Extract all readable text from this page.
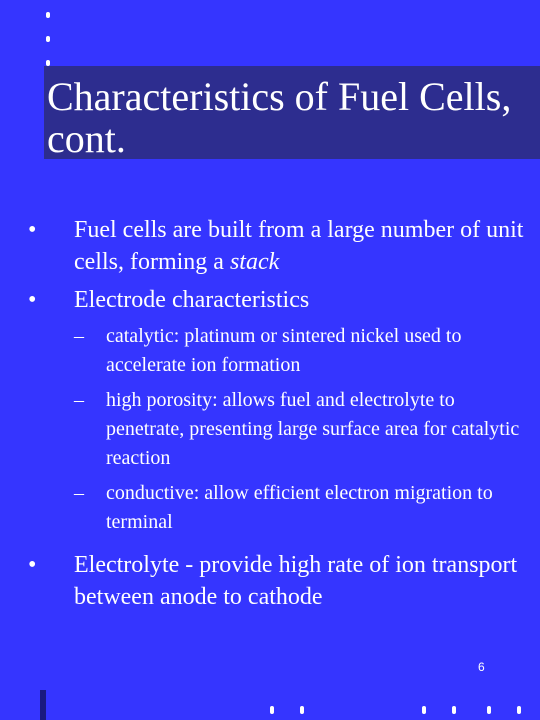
Characteristics of Fuel Cells, cont.
• Fuel cells are built from a large number of unit cells, forming a stack
• Electrode characteristics
– catalytic: platinum or sintered nickel used to accelerate ion formation
– high porosity: allows fuel and electrolyte to penetrate, presenting large surface area for catalytic reaction
– conductive: allow efficient electron migration to terminal
• Electrolyte - provide high rate of ion transport between anode to cathode
6
